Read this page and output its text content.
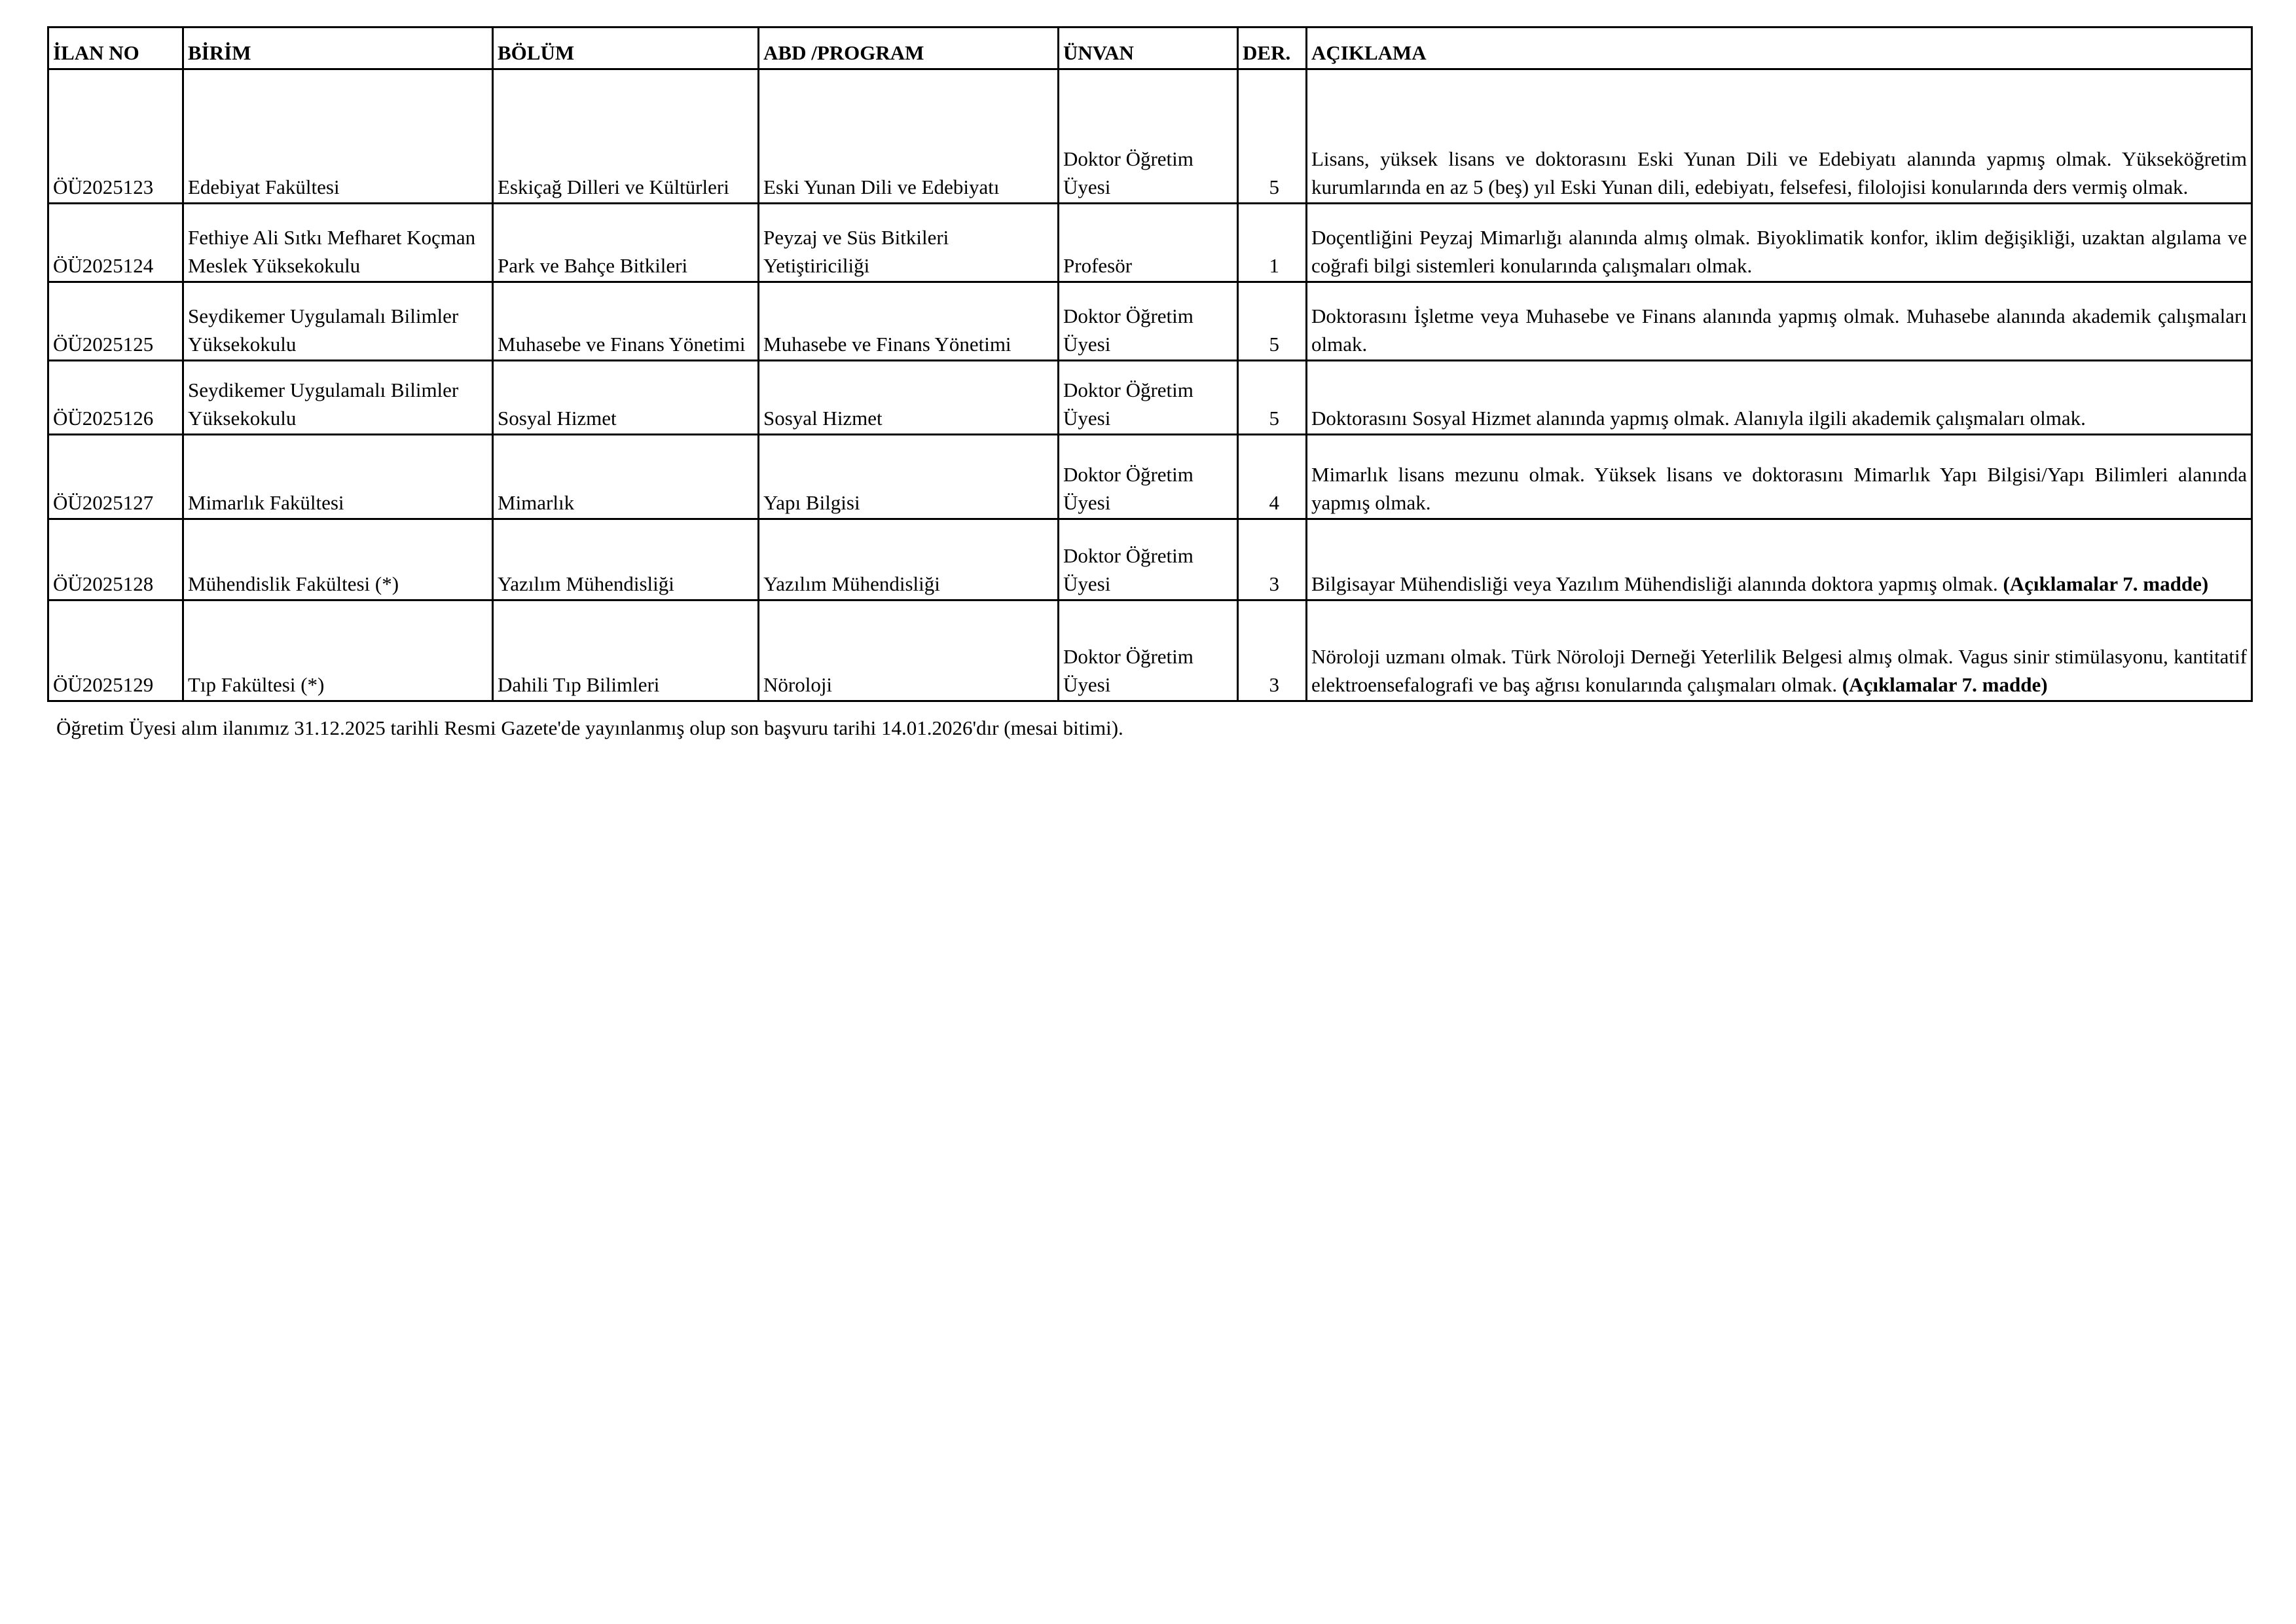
İLAN NO	BİRİM	BÖLÜM	ABD /PROGRAM	ÜNVAN	DER.	AÇIKLAMA
ÖÜ2025123	Edebiyat Fakültesi	Eskiçağ Dilleri ve Kültürleri	Eski Yunan Dili ve Edebiyatı	Doktor Öğretim Üyesi	5	Lisans, yüksek lisans ve doktorasını Eski Yunan Dili ve Edebiyatı alanında yapmış olmak. Yükseköğretim kurumlarında en az 5 (beş) yıl Eski Yunan dili, edebiyatı, felsefesi, filolojisi konularında ders vermiş olmak.
ÖÜ2025124	Fethiye Ali Sıtkı Mefharet Koçman Meslek Yüksekokulu	Park ve Bahçe Bitkileri	Peyzaj ve Süs Bitkileri Yetiştiriciliği	Profesör	1	Doçentliğini Peyzaj Mimarlığı alanında almış olmak. Biyoklimatik konfor, iklim değişikliği, uzaktan algılama ve coğrafi bilgi sistemleri konularında çalışmaları olmak.
ÖÜ2025125	Seydikemer Uygulamalı Bilimler Yüksekokulu	Muhasebe ve Finans Yönetimi	Muhasebe ve Finans Yönetimi	Doktor Öğretim Üyesi	5	Doktorasını İşletme veya Muhasebe ve Finans alanında yapmış olmak. Muhasebe alanında akademik çalışmaları olmak.
ÖÜ2025126	Seydikemer Uygulamalı Bilimler Yüksekokulu	Sosyal Hizmet	Sosyal Hizmet	Doktor Öğretim Üyesi	5	Doktorasını Sosyal Hizmet alanında yapmış olmak. Alanıyla ilgili akademik çalışmaları olmak.
ÖÜ2025127	Mimarlık Fakültesi	Mimarlık	Yapı Bilgisi	Doktor Öğretim Üyesi	4	Mimarlık lisans mezunu olmak. Yüksek lisans ve doktorasını Mimarlık Yapı Bilgisi/Yapı Bilimleri alanında yapmış olmak.
ÖÜ2025128	Mühendislik Fakültesi (*)	Yazılım Mühendisliği	Yazılım Mühendisliği	Doktor Öğretim Üyesi	3	Bilgisayar Mühendisliği veya Yazılım Mühendisliği alanında doktora yapmış olmak. (Açıklamalar 7. madde)
ÖÜ2025129	Tıp Fakültesi (*)	Dahili Tıp Bilimleri	Nöroloji	Doktor Öğretim Üyesi	3	Nöroloji uzmanı olmak. Türk Nöroloji Derneği Yeterlilik Belgesi almış olmak. Vagus sinir stimülasyonu, kantitatif elektroensefalografi ve baş ağrısı konularında çalışmaları olmak. (Açıklamalar 7. madde)
Öğretim Üyesi alım ilanımız 31.12.2025 tarihli Resmi Gazete'de yayınlanmış olup son başvuru tarihi 14.01.2026'dır (mesai bitimi).
